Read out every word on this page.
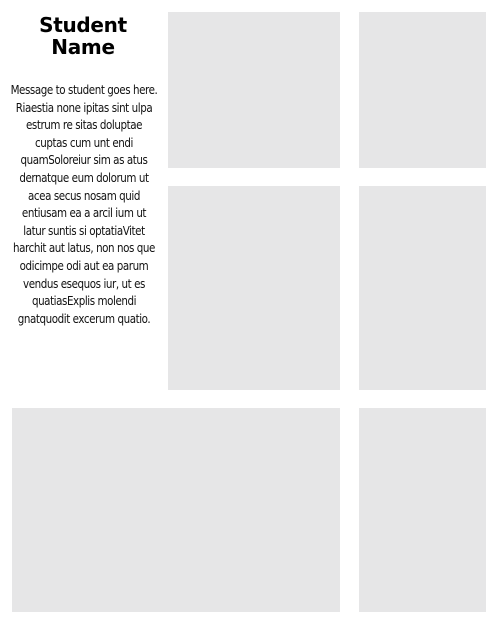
Student
Name
Message to student goes here. Riaestia none ipitas sint ulpa estrum re sitas doluptae cuptas cum unt endi quamSoloreiur sim as atus dernatque eum dolorum ut acea secus nosam quid entiusam ea a arcil ium ut latur suntis si optatiaVitet harchit aut latus, non nos que odicimpe odi aut ea parum vendus esequos iur, ut es quatiasExplis molendi gnatquodit excerum quatio.
